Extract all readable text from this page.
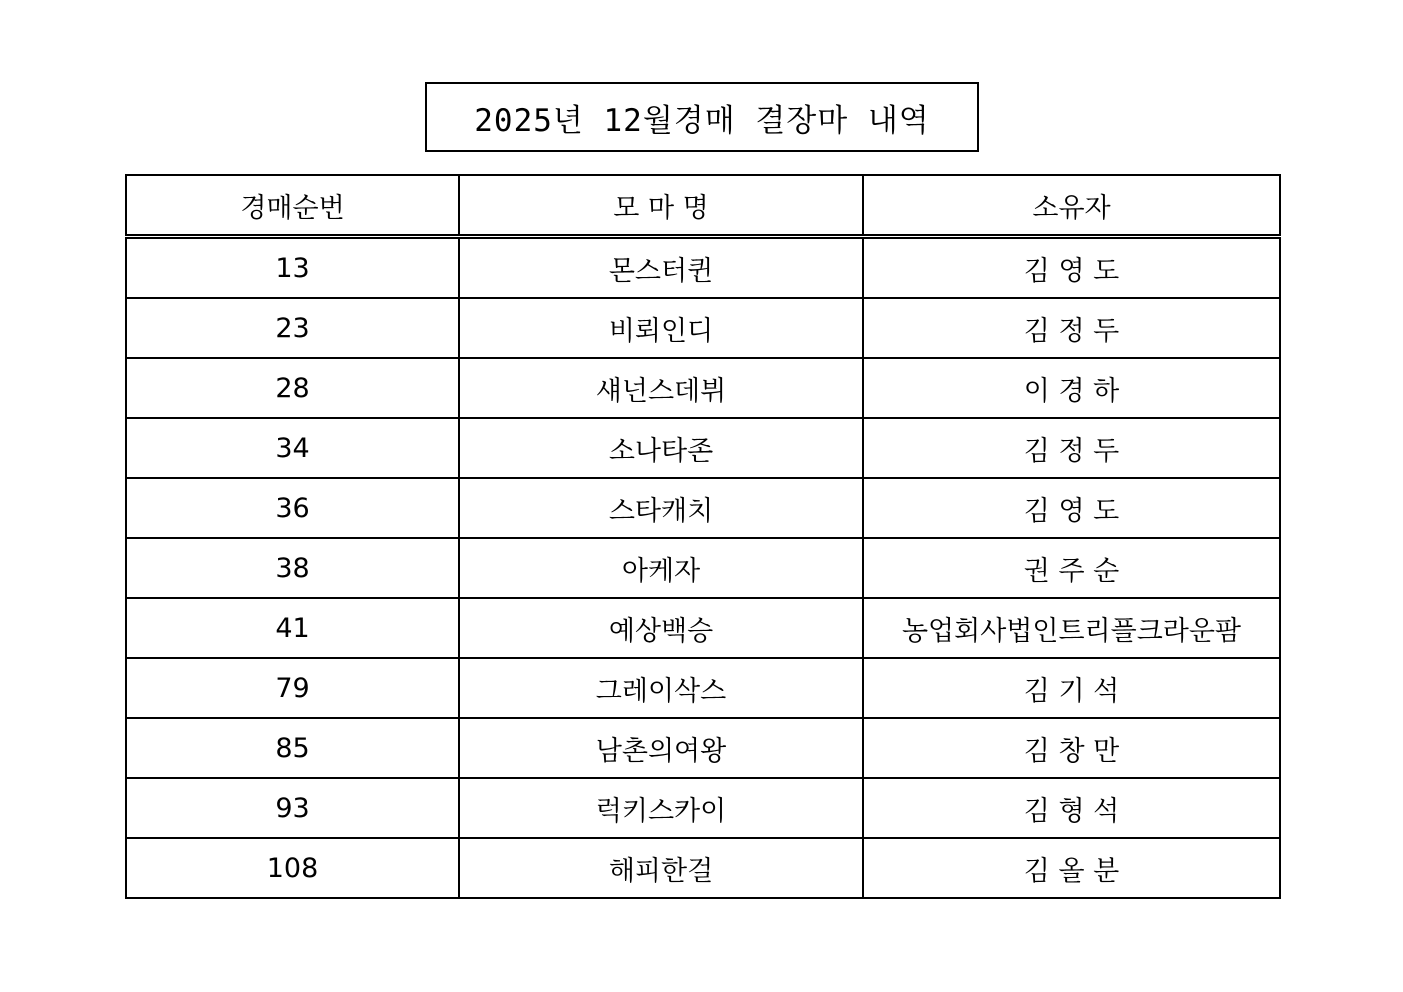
2025년 12월경매 결장마 내역
경매순번	모 마 명	소유자
13	몬스터퀸	김 영 도
23	비뢰인디	김 정 두
28	섀넌스데뷔	이 경 하
34	소나타존	김 정 두
36	스타캐치	김 영 도
38	아케자	권 주 순
41	예상백승	농업회사법인트리플크라운팜
79	그레이삭스	김 기 석
85	남촌의여왕	김 창 만
93	럭키스카이	김 형 석
108	해피한걸	김 올 분
